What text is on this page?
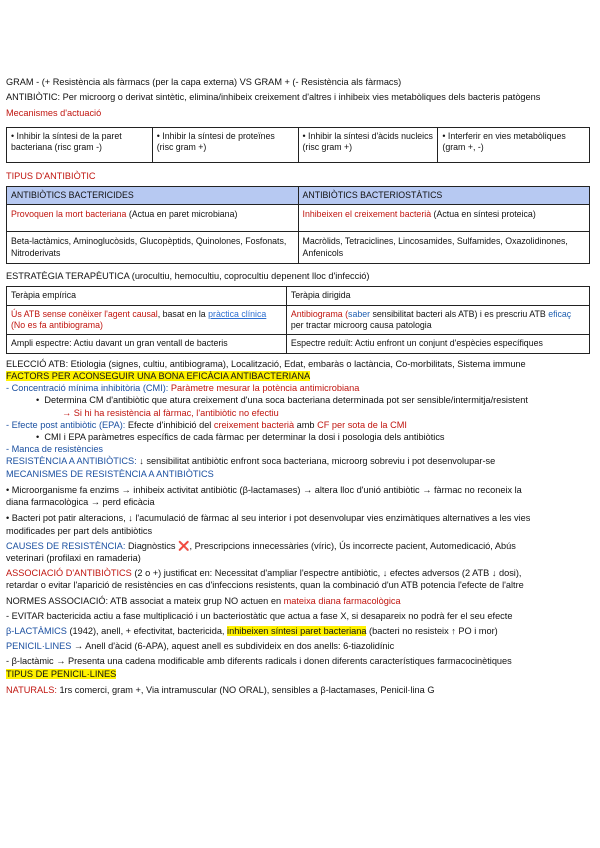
GRAM - (+ Resistència als fàrmacs (per la capa externa) VS GRAM + (- Resistència als fàrmacs)
ANTIBIÒTIC: Per microorg o derivat sintètic, elimina/inhibeix creixement d'altres i inhibeix vies metabòliques dels bacteris patògens
Mecanismes d'actuació
• Inhibir la síntesi de la paret bacteriana (risc gram -)	• Inhibir la síntesi de proteïnes (risc gram +)	• Inhibir la síntesi d'àcids nucleics (risc gram +)	• Interferir en vies metabòliques (gram +, -)
TIPUS D'ANTIBIÒTIC
ANTIBIÒTICS BACTERICIDES	ANTIBIÒTICS BACTERIOSTÀTICS
Provoquen la mort bacteriana (Actua en paret microbiana)	Inhibeixen el creixement bacterià (Actua en síntesi proteica)
Beta-lactàmics, Aminoglucòsids, Glucopèptids, Quinolones, Fosfonats, Nitroderivats	Macròlids, Tetraciclines, Lincosamides, Sulfamides, Oxazolidinones, Anfenicols
ESTRATÈGIA TERAPÈUTICA (urocultiu, hemocultiu, coprocultiu depenent lloc d'infecció)
Teràpia empírica	Teràpia dirigida
Ús ATB sense conèixer l'agent causal, basat en la pràctica clínica (No es fa antibiograma)	Antibiograma (saber sensibilitat bacteri als ATB) i es prescriu ATB eficaç per tractar microorg causa patologia
Ampli espectre: Actiu davant un gran ventall de bacteris	Espectre reduït: Actiu enfront un conjunt d'espècies específiques
ELECCIÓ ATB: Etiologia (signes, cultiu, antibiograma), Localització, Edat, embaràs o lactància, Co-morbilitats, Sistema immune
FACTORS PER ACONSEGUIR UNA BONA EFICÀCIA ANTIBACTERIANA
- Concentració mínima inhibitòria (CMI): Paràmetre mesurar la potència antimicrobiana
•  Determina CM d'antibiòtic que atura creixement d'una soca bacteriana determinada pot ser sensible/intermitja/resistent
→ Si hi ha resistència al fàrmac, l'antibiòtic no efectiu
- Efecte post antibiòtic (EPA): Efecte d'inhibició del creixement bacterià amb CF per sota de la CMI
•  CMI i EPA paràmetres específics de cada fàrmac per determinar la dosi i posologia dels antibiòtics
- Manca de resistències
RESISTÈNCIA A ANTIBIÒTICS: ↓ sensibilitat antibiòtic enfront soca bacteriana, microorg sobreviu i pot desenvolupar-se
MECANISMES DE RESISTÈNCIA A ANTIBIÒTICS
• Microorganisme fa enzims → inhibeix activitat antibiòtic (β-lactamases) → altera lloc d'unió antibiòtic → fàrmac no reconeix la
diana farmacològica → perd eficàcia
• Bacteri pot patir alteracions, ↓ l'acumulació de fàrmac al seu interior i pot desenvolupar vies enzimàtiques alternatives a les vies
modificades per part dels antibiòtics
CAUSES DE RESISTÈNCIA: Diagnòstics ❌, Prescripcions innecessàries (víric), Ús incorrecte pacient, Automedicació, Abús
veterinari (profilaxi en ramaderia)
ASSOCIACIÓ D'ANTIBIÒTICS (2 o +) justificat en: Necessitat d'ampliar l'espectre antibiòtic, ↓ efectes adversos (2 ATB ↓ dosi),
retardar o evitar l'aparició de resistències en cas d'infeccions resistents, quan la combinació d'un ATB potencia l'efecte de l'altre
NORMES ASSOCIACIÓ: ATB associat a mateix grup NO actuen en mateixa diana farmacològica
- EVITAR bactericida actiu a fase multiplicació i un bacteriostàtic que actua a fase X, si desapareix no podrà fer el seu efecte
β-LACTÀMICS (1942), anell, + efectivitat, bactericida, inhibeixen síntesi paret bacteriana (bacteri no resisteix ↑ PO i mor)
PENICIL·LINES → Anell d'àcid (6-APA), aquest anell es subdivideix en dos anells: 6-tiazolidínic
- β-lactàmic → Presenta una cadena modificable amb diferents radicals i donen diferents característiques farmacocinètiques
TIPUS DE PENICIL·LINES
NATURALS: 1rs comerci, gram +, Via intramuscular (NO ORAL), sensibles a β-lactamases, Penicil·lina G
